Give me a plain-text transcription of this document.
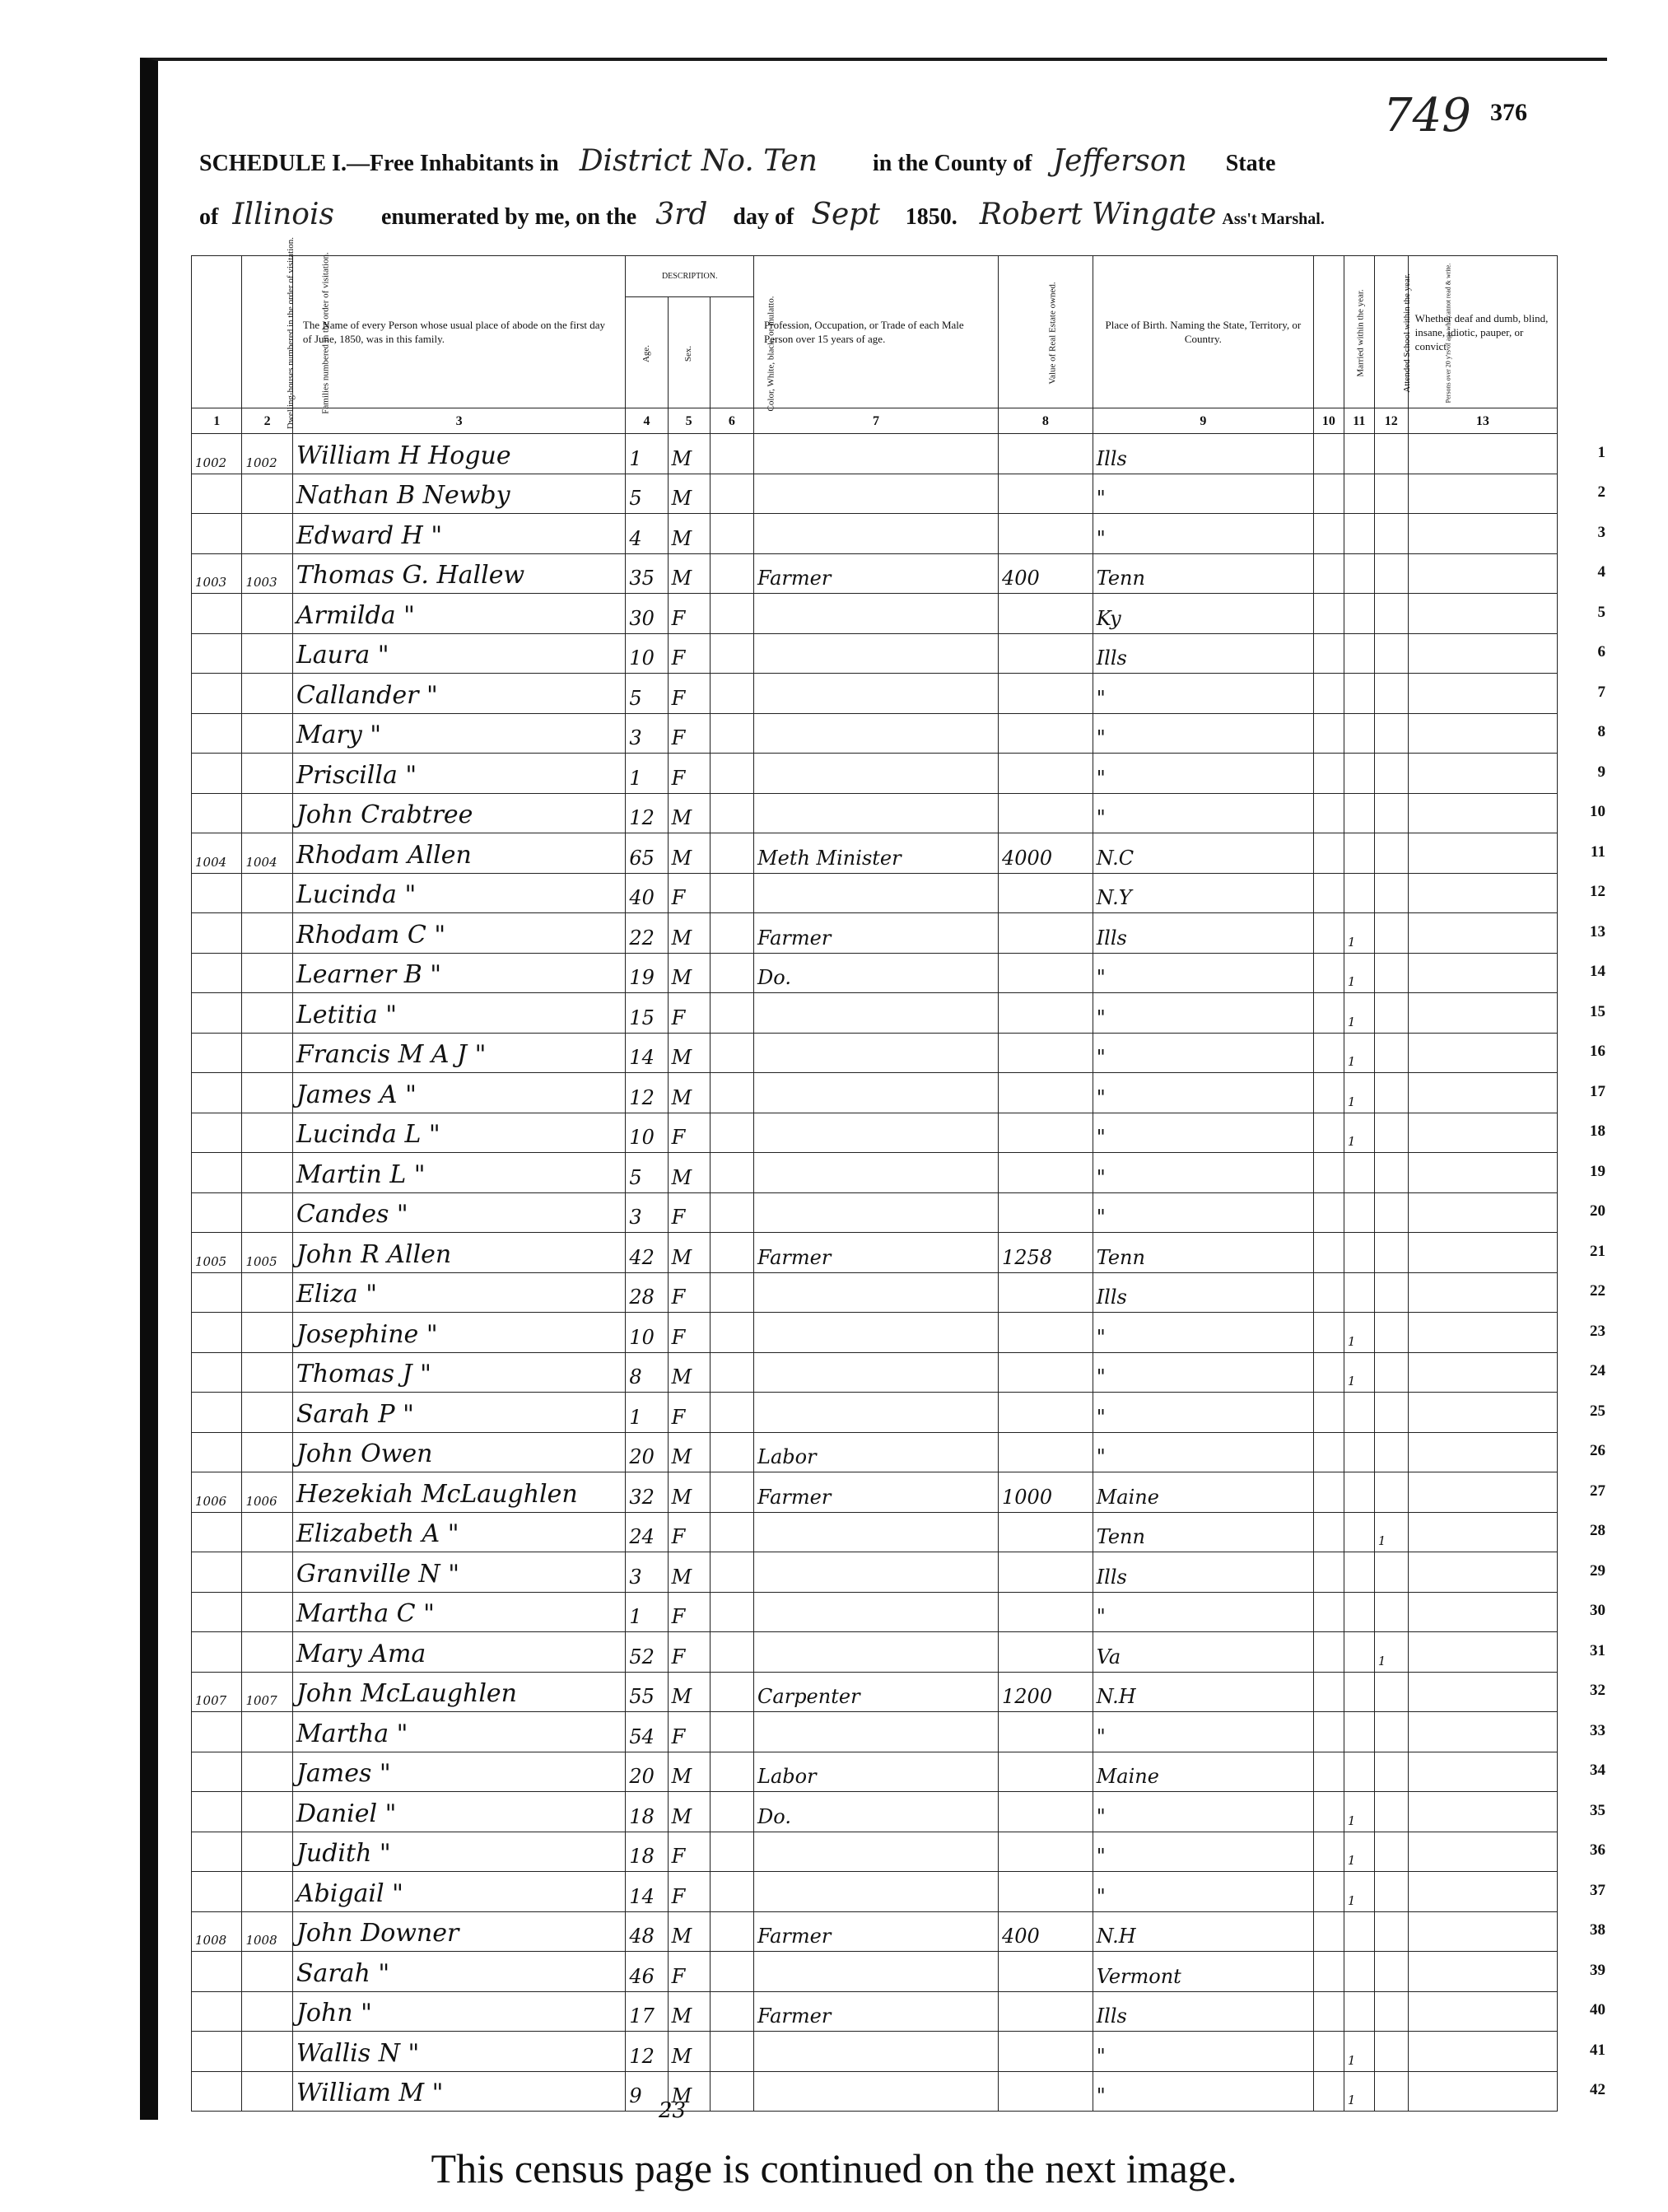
749 376
SCHEDULE I.—Free Inhabitants in District No. Ten in the County of Jefferson State
of Illinois enumerated by me, on the 3rd day of Sept 1850. Robert Wingate Ass't Marshal.
Dwelling-houses numbered in the order of visitation.	Families numbered in the order of visitation.	The Name of every Person whose usual place of abode on the first day of June, 1850, was in this family.	DESCRIPTION.			Profession, Occupation, or Trade of each Male Person over 15 years of age.	Value of Real Estate owned.	Place of Birth. Naming the State, Territory, or Country.	Married within the year.	Attended School within the year.	Persons over 20 y'rs of age who cannot read & write.	Whether deaf and dumb, blind, insane, idiotic, pauper, or convict.
			Age.	Sex.	Color, White, black, or mulatto.							
1	2	3	4	5	6	7	8	9	10	11	12	13
1002	1002	William H Hogue	1	M				Ills				
		Nathan B Newby	5	M				"				
		Edward H "	4	M				"				
1003	1003	Thomas G. Hallew	35	M		Farmer	400	Tenn				
		Armilda "	30	F				Ky				
		Laura "	10	F				Ills				
		Callander "	5	F				"				
		Mary "	3	F				"				
		Priscilla "	1	F				"				
		John Crabtree	12	M				"				
1004	1004	Rhodam Allen	65	M		Meth Minister	4000	N.C				
		Lucinda "	40	F				N.Y				
		Rhodam C "	22	M		Farmer		Ills		1		
		Learner B "	19	M		Do.		"		1		
		Letitia "	15	F				"		1		
		Francis M A J "	14	M				"		1		
		James A "	12	M				"		1		
		Lucinda L "	10	F				"		1		
		Martin L "	5	M				"				
		Candes "	3	F				"				
1005	1005	John R Allen	42	M		Farmer	1258	Tenn				
		Eliza "	28	F				Ills				
		Josephine "	10	F				"		1		
		Thomas J "	8	M				"		1		
		Sarah P "	1	F				"				
		John Owen	20	M		Labor		"				
1006	1006	Hezekiah McLaughlen	32	M		Farmer	1000	Maine				
		Elizabeth A "	24	F				Tenn			1	
		Granville N "	3	M				Ills				
		Martha C "	1	F				"				
		Mary Ama	52	F				Va			1	
1007	1007	John McLaughlen	55	M		Carpenter	1200	N.H				
		Martha "	54	F				"				
		James "	20	M		Labor		Maine				
		Daniel "	18	M		Do.		"		1		
		Judith "	18	F				"		1		
		Abigail "	14	F				"		1		
1008	1008	John Downer	48	M		Farmer	400	N.H				
		Sarah "	46	F				Vermont				
		John "	17	M		Farmer		Ills				
		Wallis N "	12	M				"		1		
		William M "	9	M				"		1		
1
2
3
4
5
6
7
8
9
10
11
12
13
14
15
16
17
18
19
20
21
22
23
24
25
26
27
28
29
30
31
32
33
34
35
36
37
38
39
40
41
42
23
This census page is continued on the next image.
